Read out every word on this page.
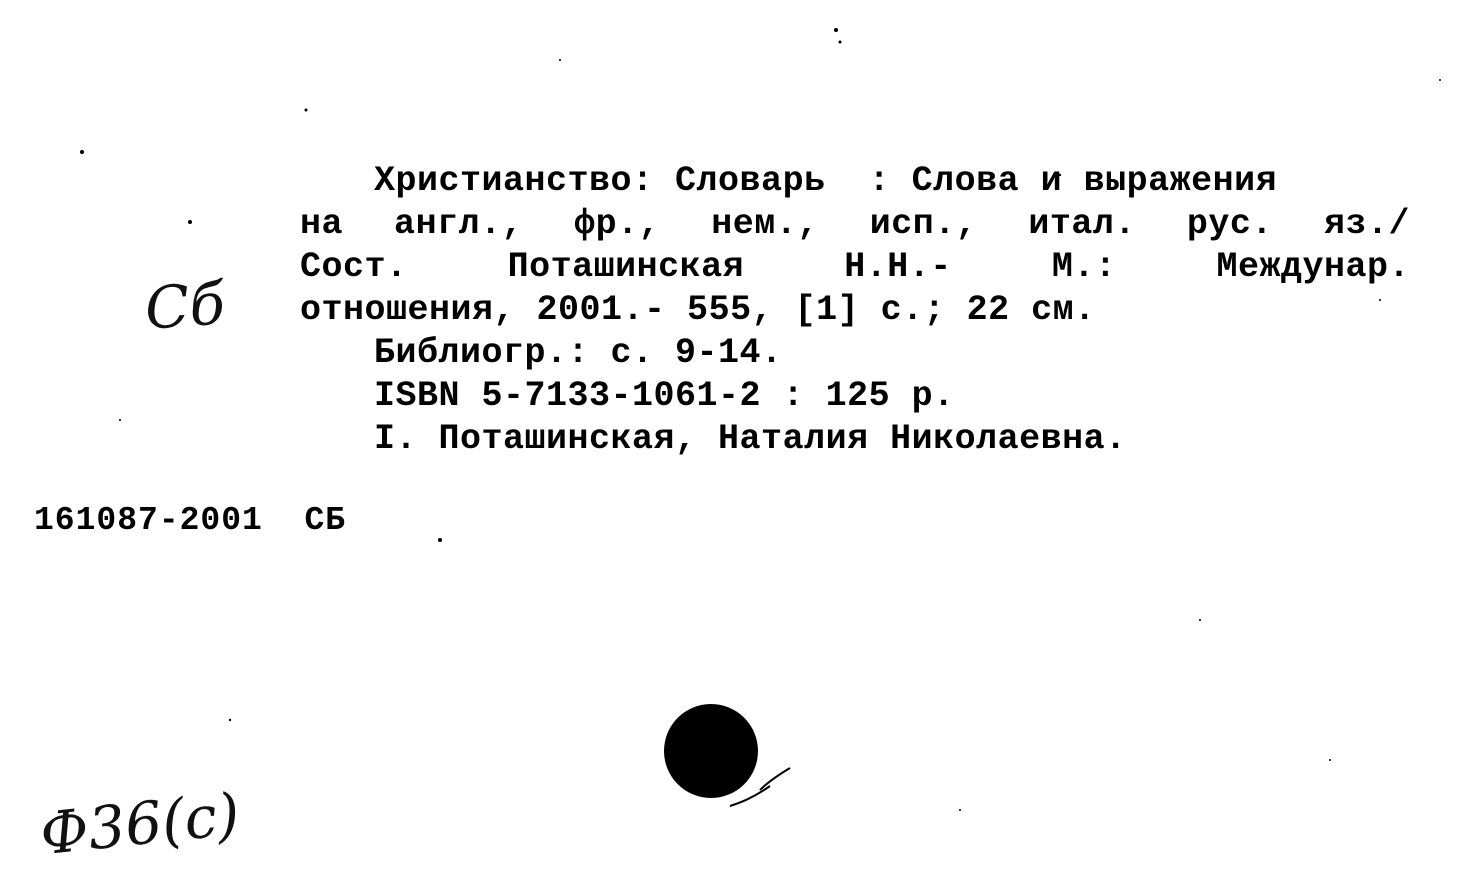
Христианство: Словарь  : Слова и выражения
на англ., фр., нем., исп., итал. рус. яз./
Сост. Поташинская Н.Н.- М.: Междунар.
отношения, 2001.- 555, [1] с.; 22 см.
Библиогр.: с. 9-14.
ISBN 5-7133-1061-2 : 125 р.
I. Поташинская, Наталия Николаевна.
161087-2001  СБ
Сб
Ф36(с)
